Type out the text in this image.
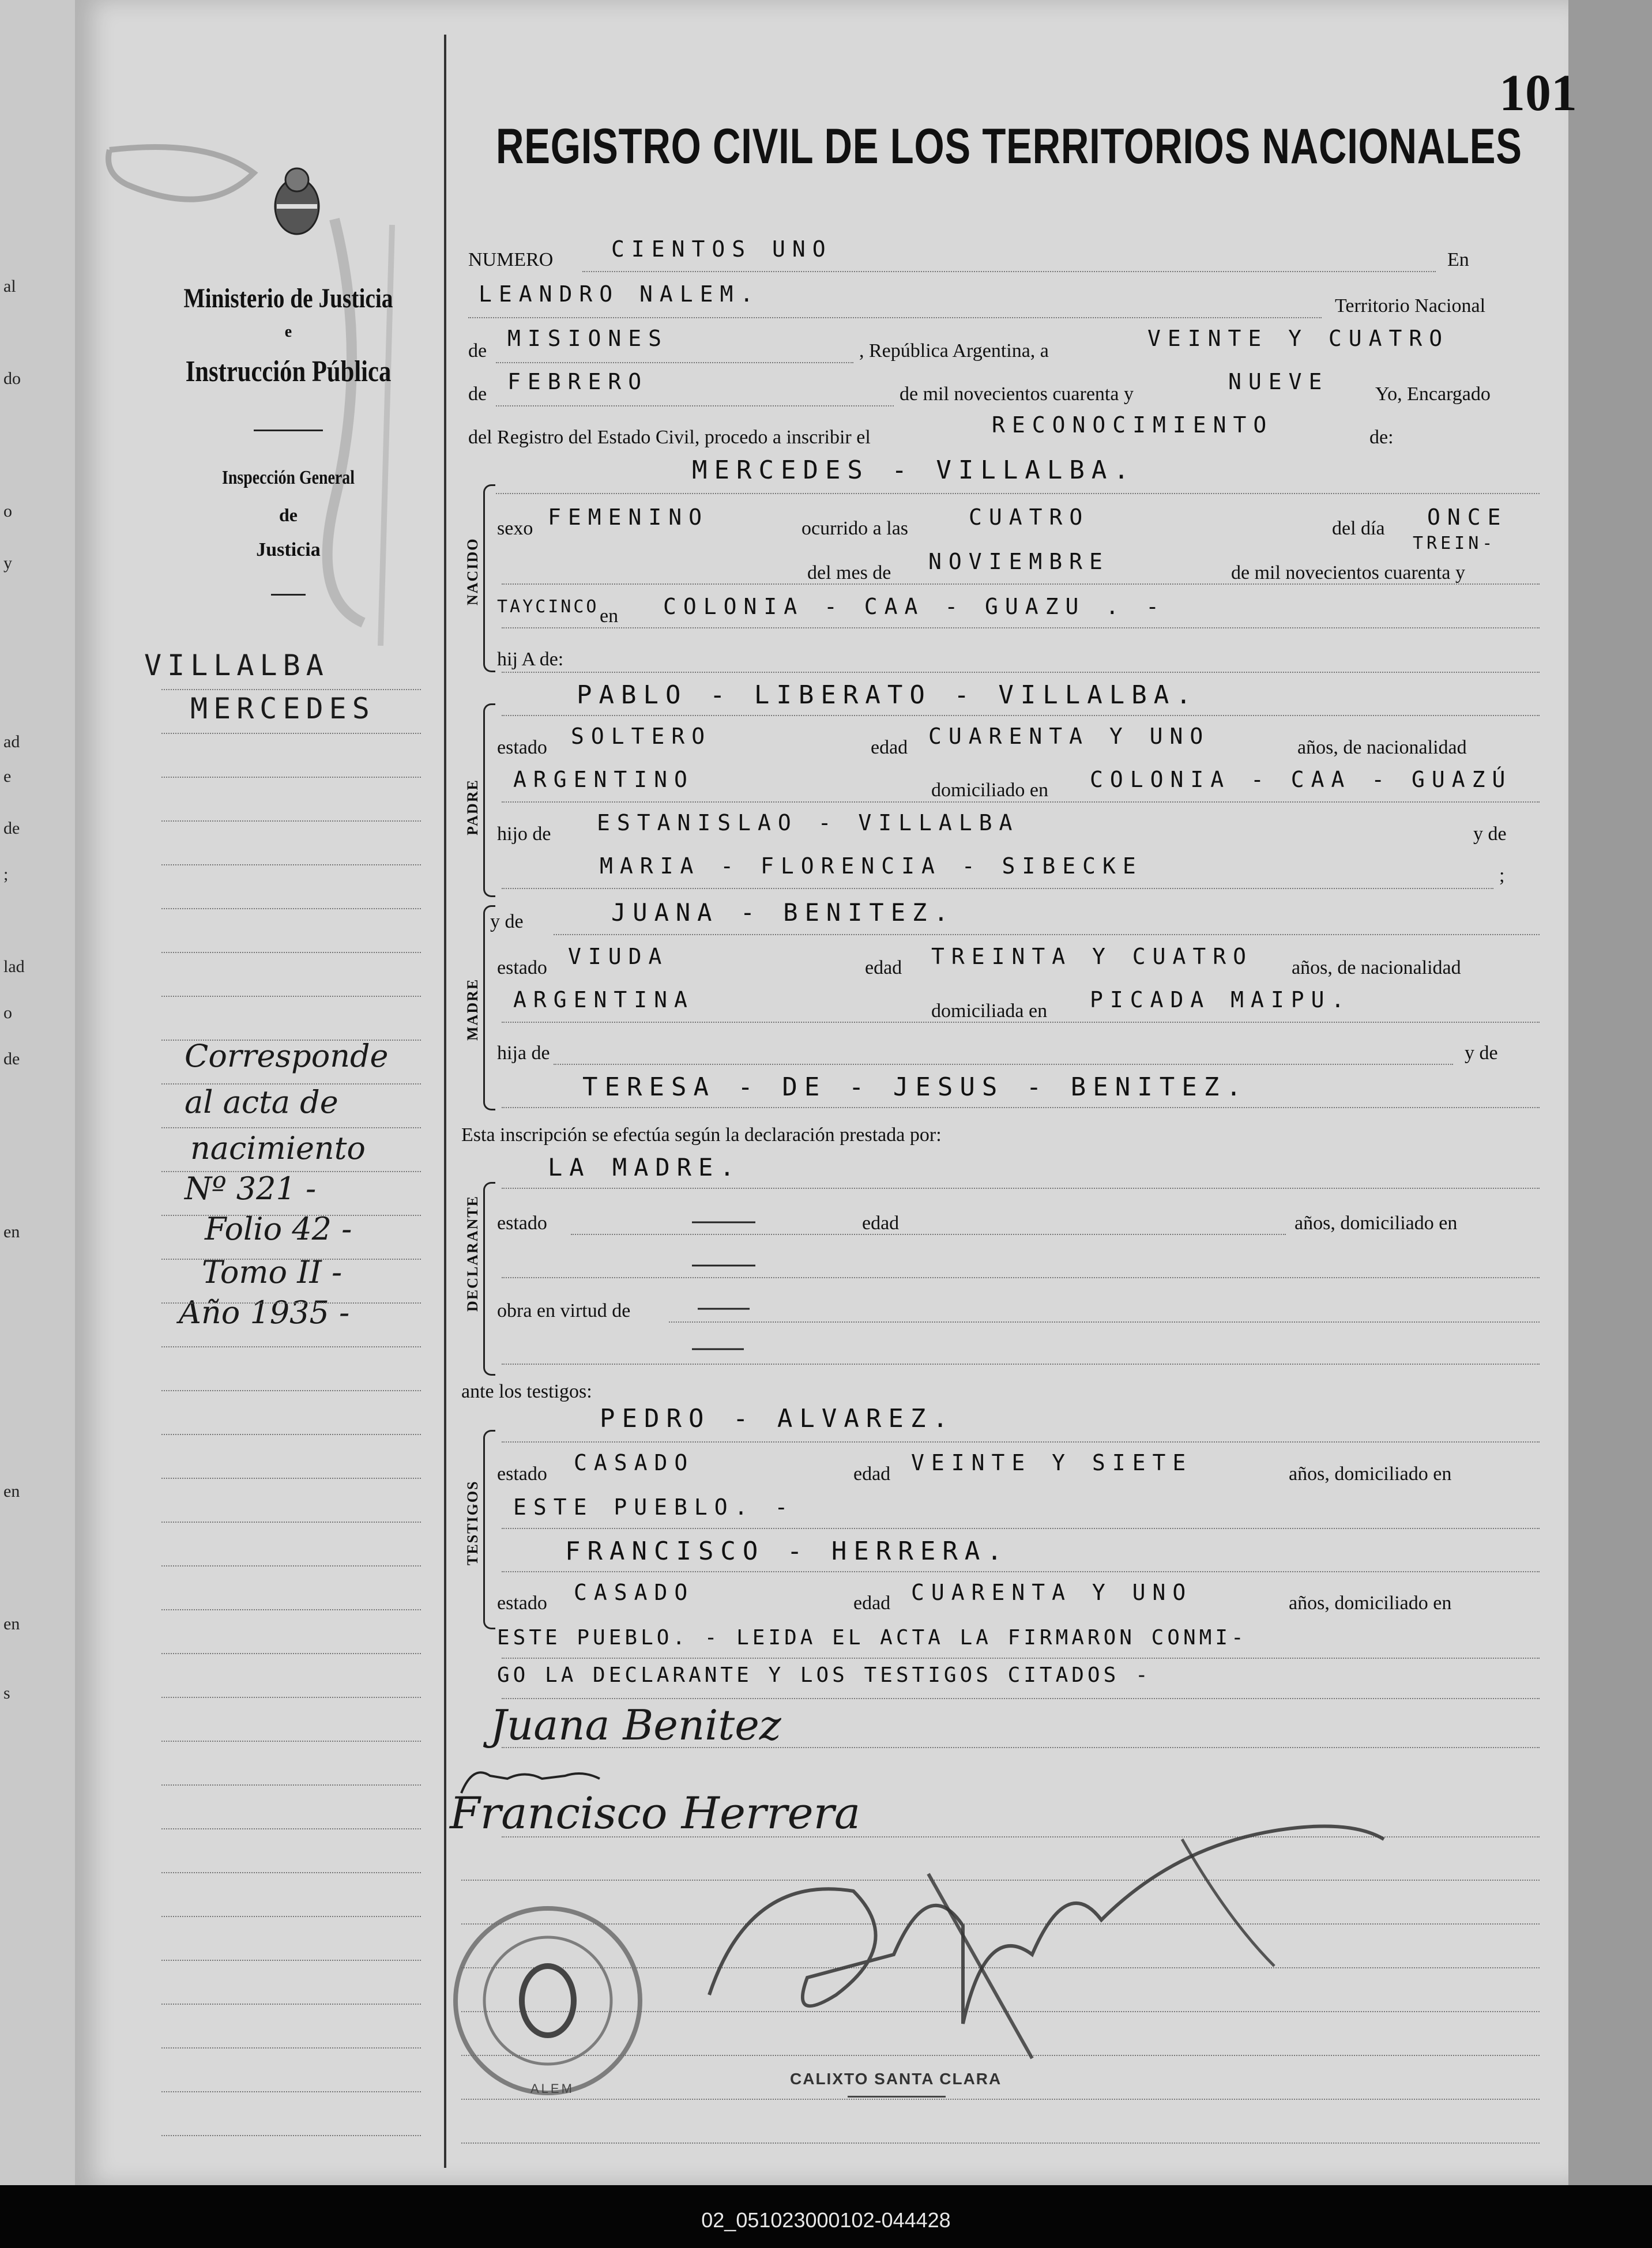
02_051023000102-044428
al
do
o
y
ad
e
de
;
lad
o
de
en
en
en
s
101
REGISTRO CIVIL DE LOS TERRITORIOS NACIONALES
Ministerio de Justicia
e
Instrucción Pública
Inspección General
de
Justicia
VILLALBA
MERCEDES
Corresponde
al acta de
nacimiento
Nº 321 -
Folio 42 -
Tomo II -
Año 1935 -
NUMERO	CIENTOS UNO	En
LEANDRO NALEM.	Territorio Nacional
de MISIONES	, República Argentina, a	VEINTE Y CUATRO
de FEBRERO	de mil novecientos cuarenta y	NUEVE Yo, Encargado
del Registro del Estado Civil, procedo a inscribir el	RECONOCIMIENTO	de:
MERCEDES - VILLALBA.
NACIDO
sexo FEMENINO	ocurrido a las	CUATRO	del día ONCE
del mes de NOVIEMBRE	de mil novecientos cuarenta y
TREIN-
TAYCINCO en COLONIA - CAA - GUAZU . -
hij A de:
PABLO - LIBERATO - VILLALBA.
PADRE
estado SOLTERO	edad CUARENTA Y UNO	años, de nacionalidad
ARGENTINO	domiciliado en COLONIA - CAA - GUAZÚ
hijo de ESTANISLAO - VILLALBA	y de
MARIA - FLORENCIA - SIBECKE	;
MADRE
y de	JUANA - BENITEZ.
estado VIUDA	edad TREINTA Y CUATRO años, de nacionalidad
ARGENTINA	domiciliada en PICADA MAIPU.
hija de	y de
TERESA - DE - JESUS - BENITEZ.
Esta inscripción se efectúa según la declaración prestada por:
LA MADRE.
estado	edad	años, domiciliado en
obra en virtud de
ante los testigos:
PEDRO - ALVAREZ.
TESTIGOS
estado CASADO	edad VEINTE Y SIETE	años, domiciliado en
ESTE PUEBLO. -
FRANCISCO - HERRERA.
estado CASADO	edad CUARENTA Y UNO	años, domiciliado en
ESTE PUEBLO. - LEIDA EL ACTA LA FIRMARON CONMI-
GO LA DECLARANTE Y LOS TESTIGOS CITADOS -
Juana Benitez
Francisco Herrera
ALEM
CALIXTO SANTA CLARA
